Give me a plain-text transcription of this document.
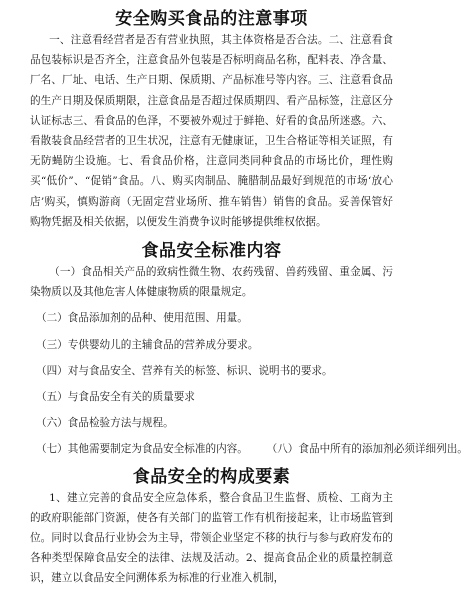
安全购买食品的注意事项

一、注意看经营者是否有营业执照，其主体资格是否合法。二、注意看食品包装标识是否齐全，注意食品外包装是否标明商品名称，配料表、净含量、厂名、厂址、电话、生产日期、保质期、产品标准号等内容。三、注意看食品的生产日期及保质期限，注意食品是否超过保质期四、看产品标签，注意区分认证标志三、看食品的色泽，不要被外观过于鲜艳、好看的食品所迷惑。六、看散装食品经营者的卫生状况，注意有无健康证，卫生合格证等相关证照，有无防蝇防尘设施。七、看食品价格，注意同类同种食品的市场比价，理性购买“低价”、“促销”食品。八、购买肉制品、腌腊制品最好到规范的市场‘放心店’购买，慎购游商（无固定营业场所、推车销售）销售的食品。妥善保管好购物凭据及相关依据，以便发生消费争议时能够提供维权依据。

食品安全标准内容

（一）食品相关产品的致病性微生物、农药残留、兽药残留、重金属、污染物质以及其他危害人体健康物质的限量规定。

（二）食品添加剂的品种、使用范围、用量。

（三）专供婴幼儿的主辅食品的营养成分要求。

（四）对与食品安全、营养有关的标签、标识、说明书的要求。

（五）与食品安全有关的质量要求

（六）食品检验方法与规程。

（七）其他需要制定为食品安全标准的内容。 （八）食品中所有的添加剂必须详细列出。
食品安全的构成要素

1、建立完善的食品安全应急体系，整合食品卫生监督、质检、工商为主的政府职能部门资源，使各有关部门的监管工作有机衔接起来，让市场监管到位。同时以食品行业协会为主导，带领企业坚定不移的执行与参与政府发布的各种类型保障食品安全的法律、法规及活动。2、提高食品企业的质量控制意识，建立以食品安全问溯体系为标准的行业准入机制，
